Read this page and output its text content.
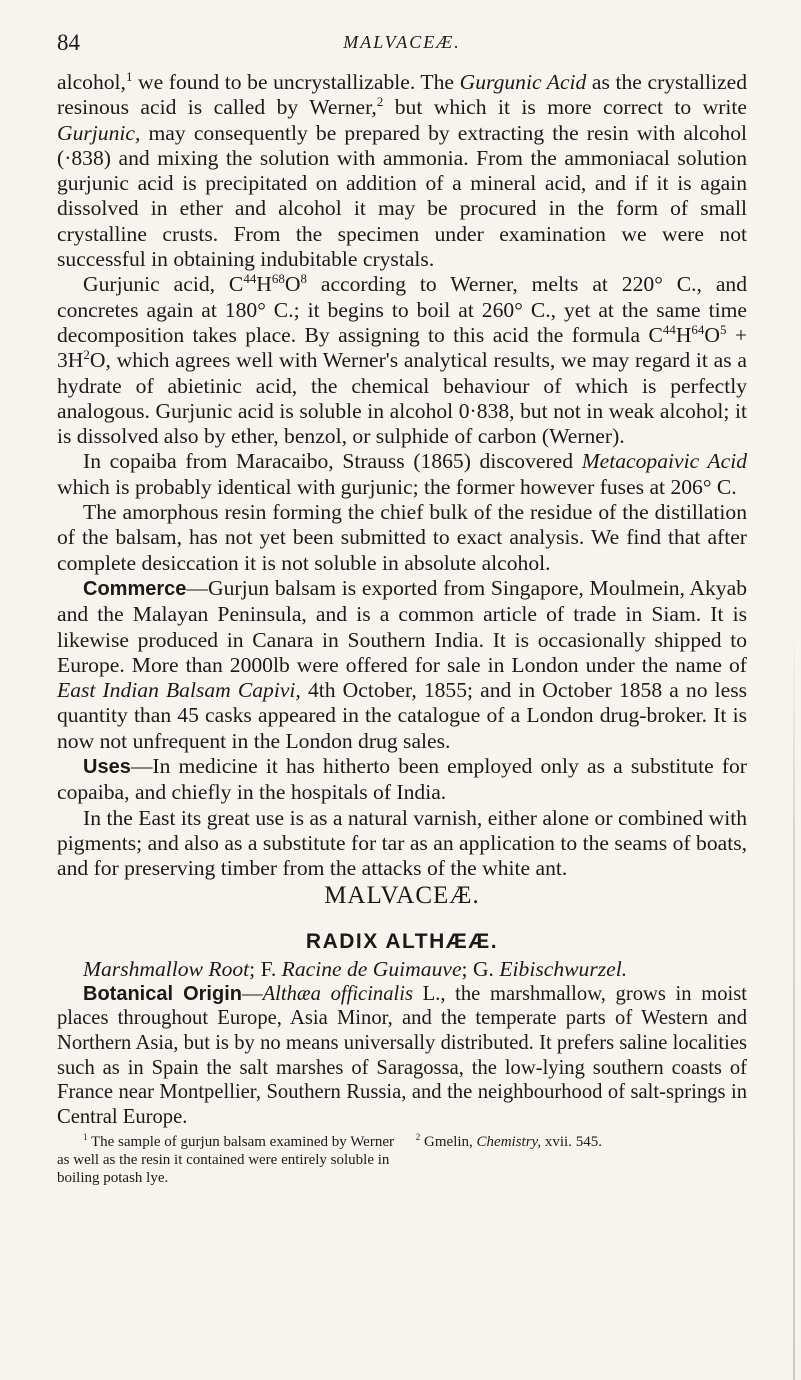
84	MALVACEÆ.

alcohol,$^1$ we found to be uncrystallizable. The Gurgunic Acid as the crystallized resinous acid is called by Werner,$^2$ but which it is more correct to write Gurjunic, may consequently be prepared by extracting the resin with alcohol (·838) and mixing the solution with ammonia. From the ammoniacal solution gurjunic acid is precipitated on addition of a mineral acid, and if it is again dissolved in ether and alcohol it may be procured in the form of small crystalline crusts. From the specimen under examination we were not successful in obtaining indubitable crystals.

Gurjunic acid, $C^{44}H^{68}O^8$ according to Werner, melts at 220° C., and concretes again at 180° C.; it begins to boil at 260° C., yet at the same time decomposition takes place. By assigning to this acid the formula $C^{44}H^{64}O^5 + 3H^2O$, which agrees well with Werner's analytical results, we may regard it as a hydrate of abietinic acid, the chemical behaviour of which is perfectly analogous. Gurjunic acid is soluble in alcohol 0·838, but not in weak alcohol; it is dissolved also by ether, benzol, or sulphide of carbon (Werner).

In copaiba from Maracaibo, Strauss (1865) discovered Metacopaivic Acid which is probably identical with gurjunic; the former however fuses at 206° C.

The amorphous resin forming the chief bulk of the residue of the distillation of the balsam, has not yet been submitted to exact analysis. We find that after complete desiccation it is not soluble in absolute alcohol.

Commerce—Gurjun balsam is exported from Singapore, Moulmein, Akyab and the Malayan Peninsula, and is a common article of trade in Siam. It is likewise produced in Canara in Southern India. It is occasionally shipped to Europe. More than 2000lb were offered for sale in London under the name of East Indian Balsam Capivi, 4th October, 1855; and in October 1858 a no less quantity than 45 casks appeared in the catalogue of a London drug-broker. It is now not unfrequent in the London drug sales.

Uses—In medicine it has hitherto been employed only as a substitute for copaiba, and chiefly in the hospitals of India.

In the East its great use is as a natural varnish, either alone or combined with pigments; and also as a substitute for tar as an application to the seams of boats, and for preserving timber from the attacks of the white ant.

MALVACEÆ.

RADIX ALTHÆÆ.

Marshmallow Root; F. Racine de Guimauve; G. Eibischwurzel.

Botanical Origin—Althæa officinalis L., the marshmallow, grows in moist places throughout Europe, Asia Minor, and the temperate parts of Western and Northern Asia, but is by no means universally distributed. It prefers saline localities such as in Spain the salt marshes of Saragossa, the low-lying southern coasts of France near Montpellier, Southern Russia, and the neighbourhood of salt-springs in Central Europe.

$^1$ The sample of gurjun balsam examined by Werner as well as the resin it contained were entirely soluble in boiling potash lye.
$^2$ Gmelin, Chemistry, xvii. 545.
